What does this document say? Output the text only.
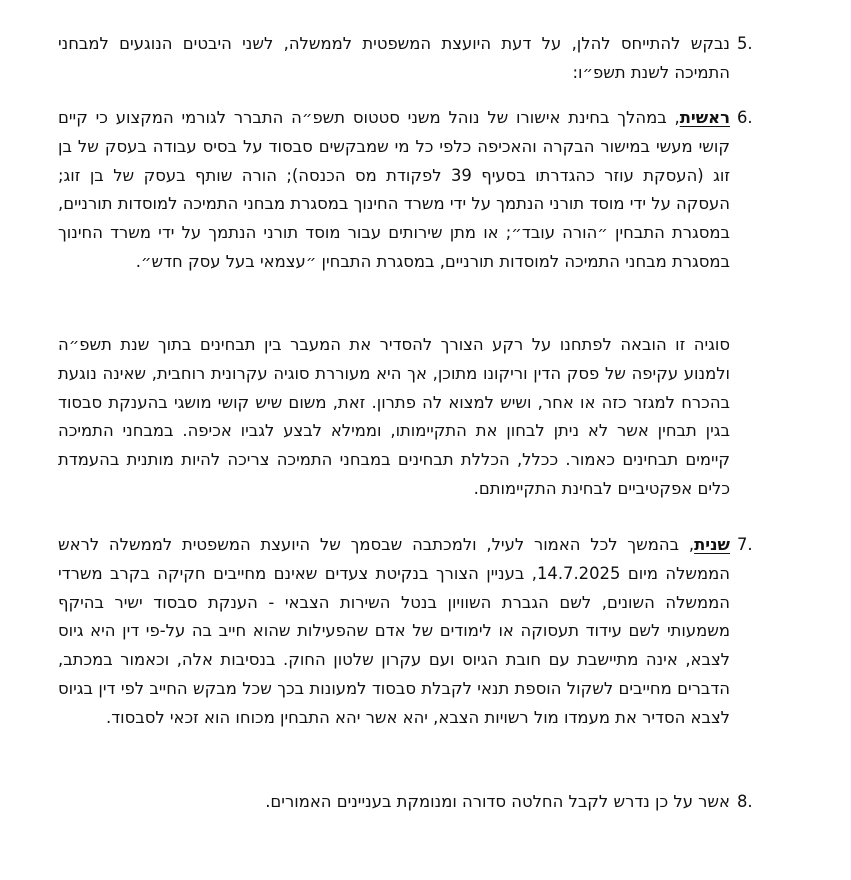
5.

נבקש להתייחס להלן, על דעת היועצת המשפטית לממשלה, לשני היבטים הנוגעים למבחני התמיכה לשנת תשפ״ו:

6.

ראשית, במהלך בחינת אישורו של נוהל משני סטטוס תשפ״ה התברר לגורמי המקצוע כי קיים קושי מעשי במישור הבקרה והאכיפה כלפי כל מי שמבקשים סבסוד על בסיס עבודה בעסק של בן זוג (העסקת עוזר כהגדרתו בסעיף 39 לפקודת מס הכנסה); הורה שותף בעסק של בן זוג; העסקה על ידי מוסד תורני הנתמך על ידי משרד החינוך במסגרת מבחני התמיכה למוסדות תורניים, במסגרת התבחין ״הורה עובד״; או מתן שירותים עבור מוסד תורני הנתמך על ידי משרד החינוך במסגרת מבחני התמיכה למוסדות תורניים, במסגרת התבחין ״עצמאי בעל עסק חדש״.

סוגיה זו הובאה לפתחנו על רקע הצורך להסדיר את המעבר בין תבחינים בתוך שנת תשפ״ה ולמנוע עקיפה של פסק הדין וריקונו מתוכן, אך היא מעוררת סוגיה עקרונית רוחבית, שאינה נוגעת בהכרח למגזר כזה או אחר, ושיש למצוא לה פתרון. זאת, משום שיש קושי מושגי בהענקת סבסוד בגין תבחין אשר לא ניתן לבחון את התקיימותו, וממילא לבצע לגביו אכיפה. במבחני התמיכה קיימים תבחינים כאמור. ככלל, הכללת תבחינים במבחני התמיכה צריכה להיות מותנית בהעמדת כלים אפקטיביים לבחינת התקיימותם.

7.

שנית, בהמשך לכל האמור לעיל, ולמכתבה שבסמך של היועצת המשפטית לממשלה לראש הממשלה מיום 14.7.2025, בעניין הצורך בנקיטת צעדים שאינם מחייבים חקיקה בקרב משרדי הממשלה השונים, לשם הגברת השוויון בנטל השירות הצבאי - הענקת סבסוד ישיר בהיקף משמעותי לשם עידוד תעסוקה או לימודים של אדם שהפעילות שהוא חייב בה על-פי דין היא גיוס לצבא, אינה מתיישבת עם חובת הגיוס ועם עקרון שלטון החוק. בנסיבות אלה, וכאמור במכתב, הדברים מחייבים לשקול הוספת תנאי לקבלת סבסוד למעונות בכך שכל מבקש החייב לפי דין בגיוס לצבא הסדיר את מעמדו מול רשויות הצבא, יהא אשר יהא התבחין מכוחו הוא זכאי לסבסוד.

8.

אשר על כן נדרש לקבל החלטה סדורה ומנומקת בעניינים האמורים.
